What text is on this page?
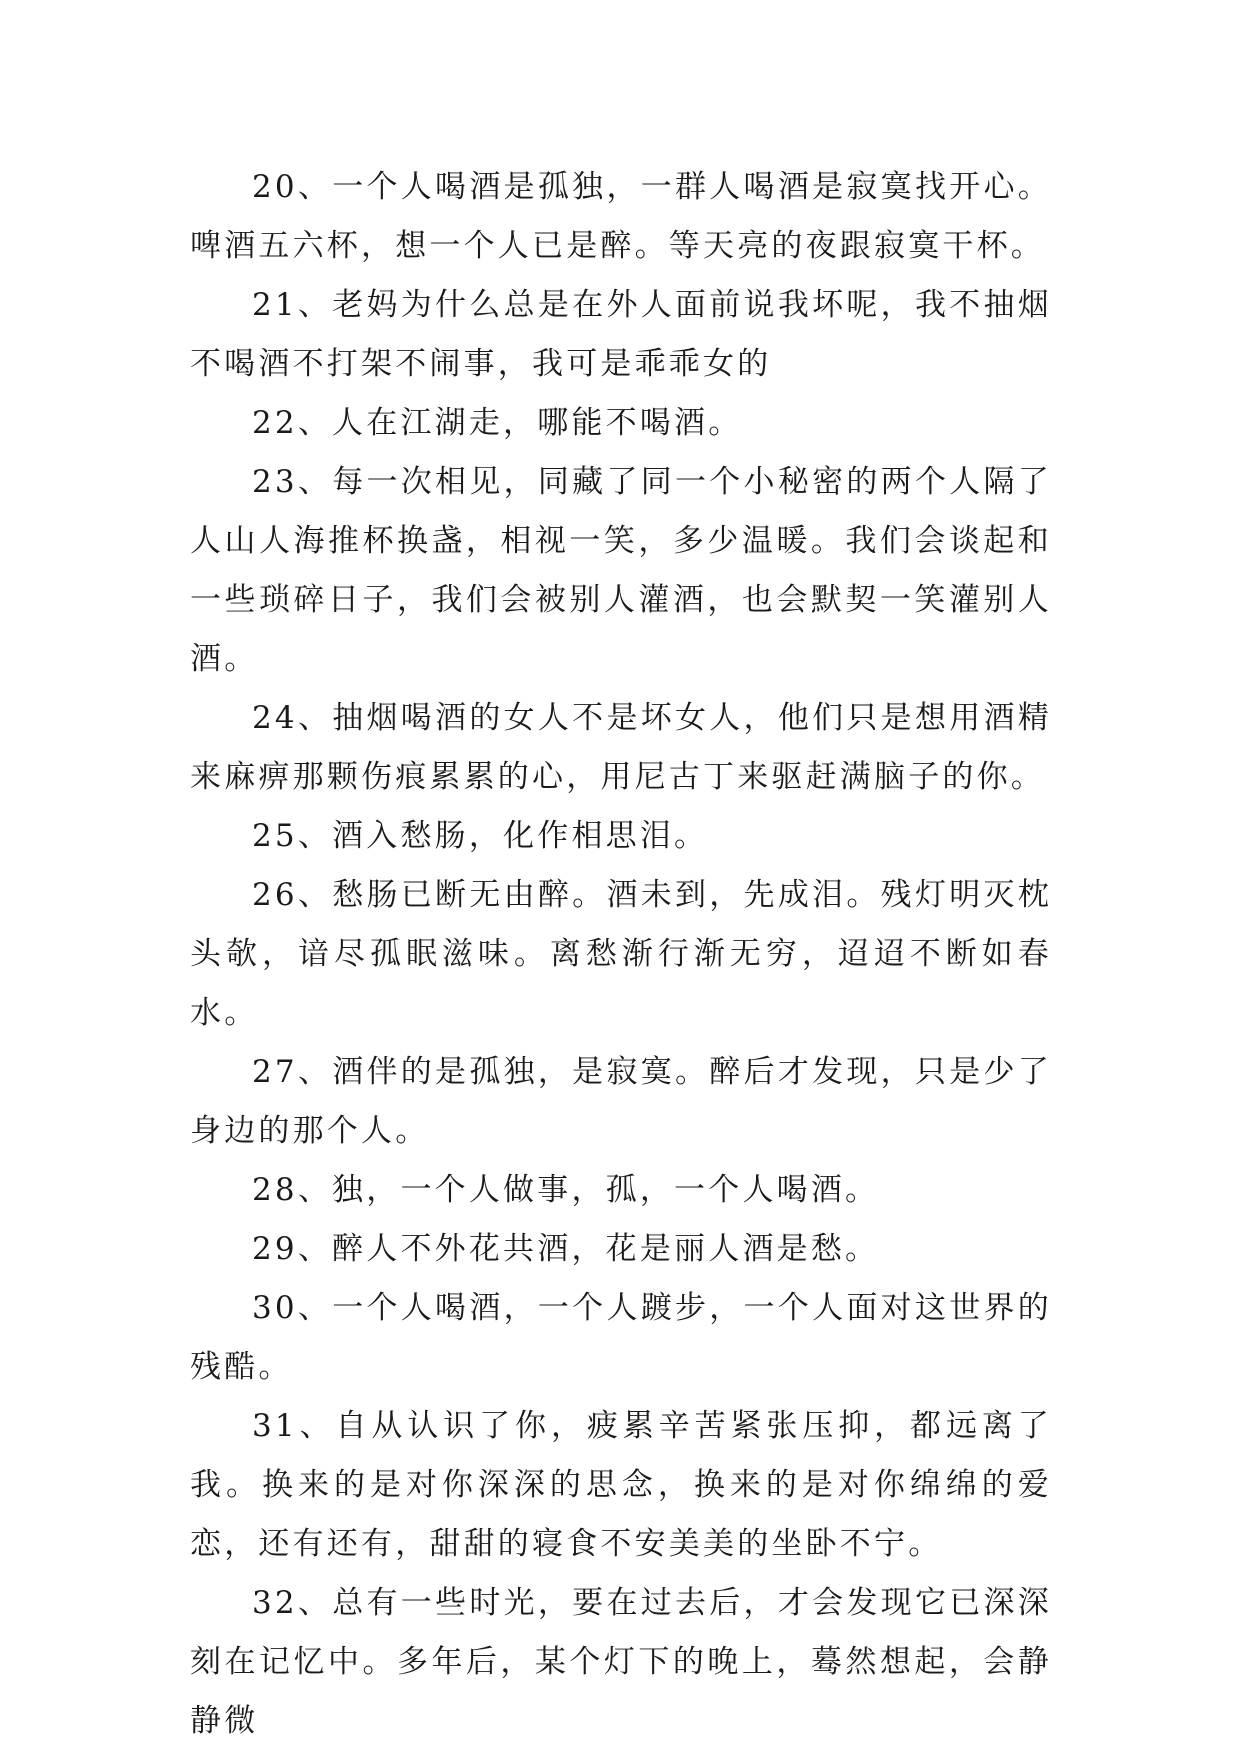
20、一个人喝酒是孤独，一群人喝酒是寂寞找开心。啤酒五六杯，想一个人已是醉。等天亮的夜跟寂寞干杯。

21、老妈为什么总是在外人面前说我坏呢，我不抽烟不喝酒不打架不闹事，我可是乖乖女的

22、人在江湖走，哪能不喝酒。

23、每一次相见，同藏了同一个小秘密的两个人隔了人山人海推杯换盏，相视一笑，多少温暖。我们会谈起和一些琐碎日子，我们会被别人灌酒，也会默契一笑灌别人酒。

24、抽烟喝酒的女人不是坏女人，他们只是想用酒精来麻痹那颗伤痕累累的心，用尼古丁来驱赶满脑子的你。

25、酒入愁肠，化作相思泪。

26、愁肠已断无由醉。酒未到，先成泪。残灯明灭枕头欹，谙尽孤眠滋味。离愁渐行渐无穷，迢迢不断如春水。

27、酒伴的是孤独，是寂寞。醉后才发现，只是少了身边的那个人。

28、独，一个人做事，孤，一个人喝酒。

29、醉人不外花共酒，花是丽人酒是愁。

30、一个人喝酒，一个人踱步，一个人面对这世界的残酷。

31、自从认识了你，疲累辛苦紧张压抑，都远离了我。换来的是对你深深的思念，换来的是对你绵绵的爱恋，还有还有，甜甜的寝食不安美美的坐卧不宁。

32、总有一些时光，要在过去后，才会发现它已深深刻在记忆中。多年后，某个灯下的晚上，蓦然想起，会静静微
